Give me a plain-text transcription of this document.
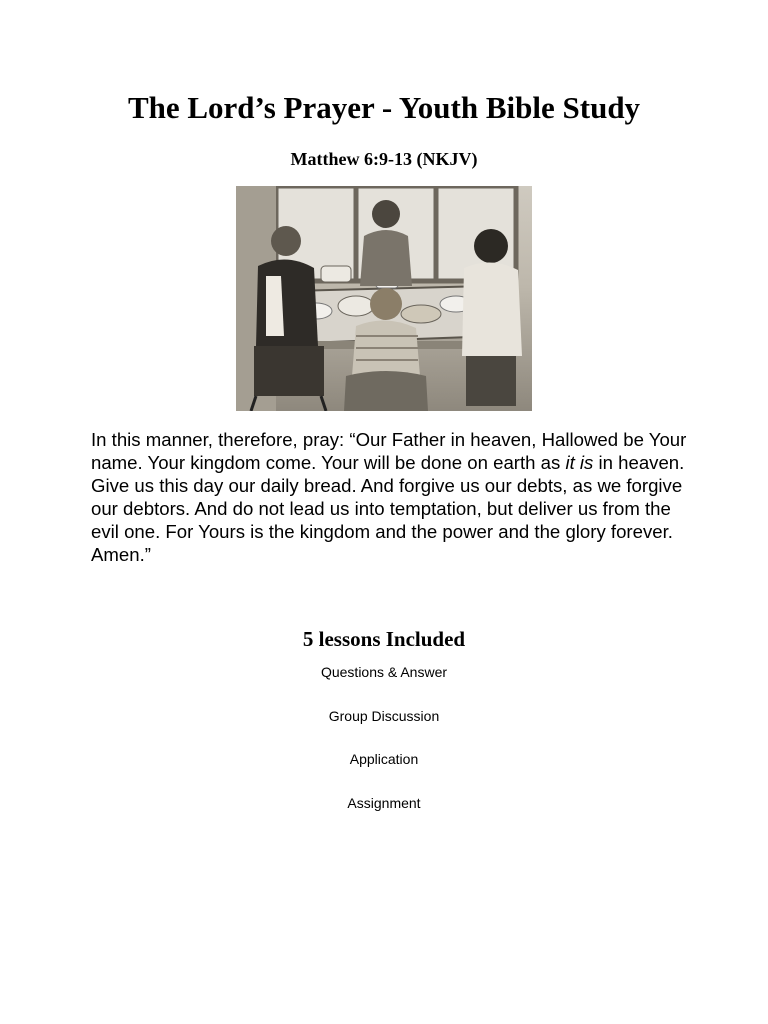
The Lord’s Prayer - Youth Bible Study
Matthew 6:9-13 (NKJV)

In this manner, therefore, pray: “Our Father in heaven, Hallowed be Your name. Your kingdom come. Your will be done on earth as it is in heaven. Give us this day our daily bread. And forgive us our debts, as we forgive our debtors. And do not lead us into temptation, but deliver us from the evil one. For Yours is the kingdom and the power and the glory forever. Amen.”

5 lessons Included
Questions & Answer
Group Discussion
Application
Assignment
